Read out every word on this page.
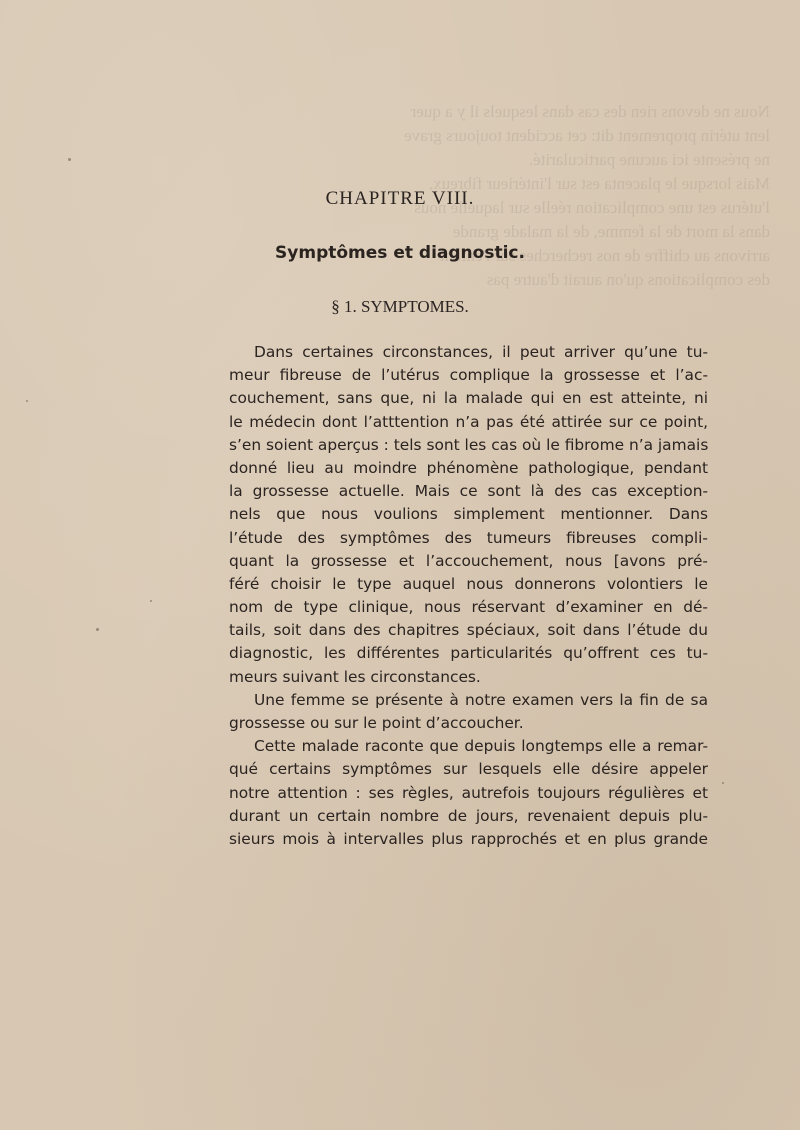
Nous ne devons rien des cas dans lesquels il y a quer

lent utérin proprement dit: cet accident toujours grave

ne présente ici aucune particularité.

Mais lorsque le placenta est sur l'intérieur fibreux,

l'utérus est une complication réelle sur laquelle nous

dans la mort de la femme, de la malade grande

arrivons au chiffre de nos recherches sur l'enfant

des complications qu'on aurait d'autre pas

CHAPITRE VIII.
Symptômes et diagnostic.
§ 1. SYMPTOMES.
Dans certaines circonstances, il peut arriver qu’une tu-
meur fibreuse de l’utérus complique la grossesse et l’ac-
couchement, sans que, ni la malade qui en est atteinte, ni
le médecin dont l’atttention n’a pas été attirée sur ce point,
s’en soient aperçus : tels sont les cas où le fibrome n’a jamais
donné lieu au moindre phénomène pathologique, pendant
la grossesse actuelle. Mais ce sont là des cas exception-
nels que nous voulions simplement mentionner. Dans
l’étude des symptômes des tumeurs fibreuses compli-
quant la grossesse et l’accouchement, nous [avons pré-
féré choisir le type auquel nous donnerons volontiers le
nom de type clinique, nous réservant d’examiner en dé-
tails, soit dans des chapitres spéciaux, soit dans l’étude du
diagnostic, les différentes particularités qu’offrent ces tu-
meurs suivant les circonstances.
Une femme se présente à notre examen vers la fin de sa
grossesse ou sur le point d’accoucher.
Cette malade raconte que depuis longtemps elle a remar-
qué certains symptômes sur lesquels elle désire appeler
notre attention : ses règles, autrefois toujours régulières et
durant un certain nombre de jours, revenaient depuis plu-
sieurs mois à intervalles plus rapprochés et en plus grande
